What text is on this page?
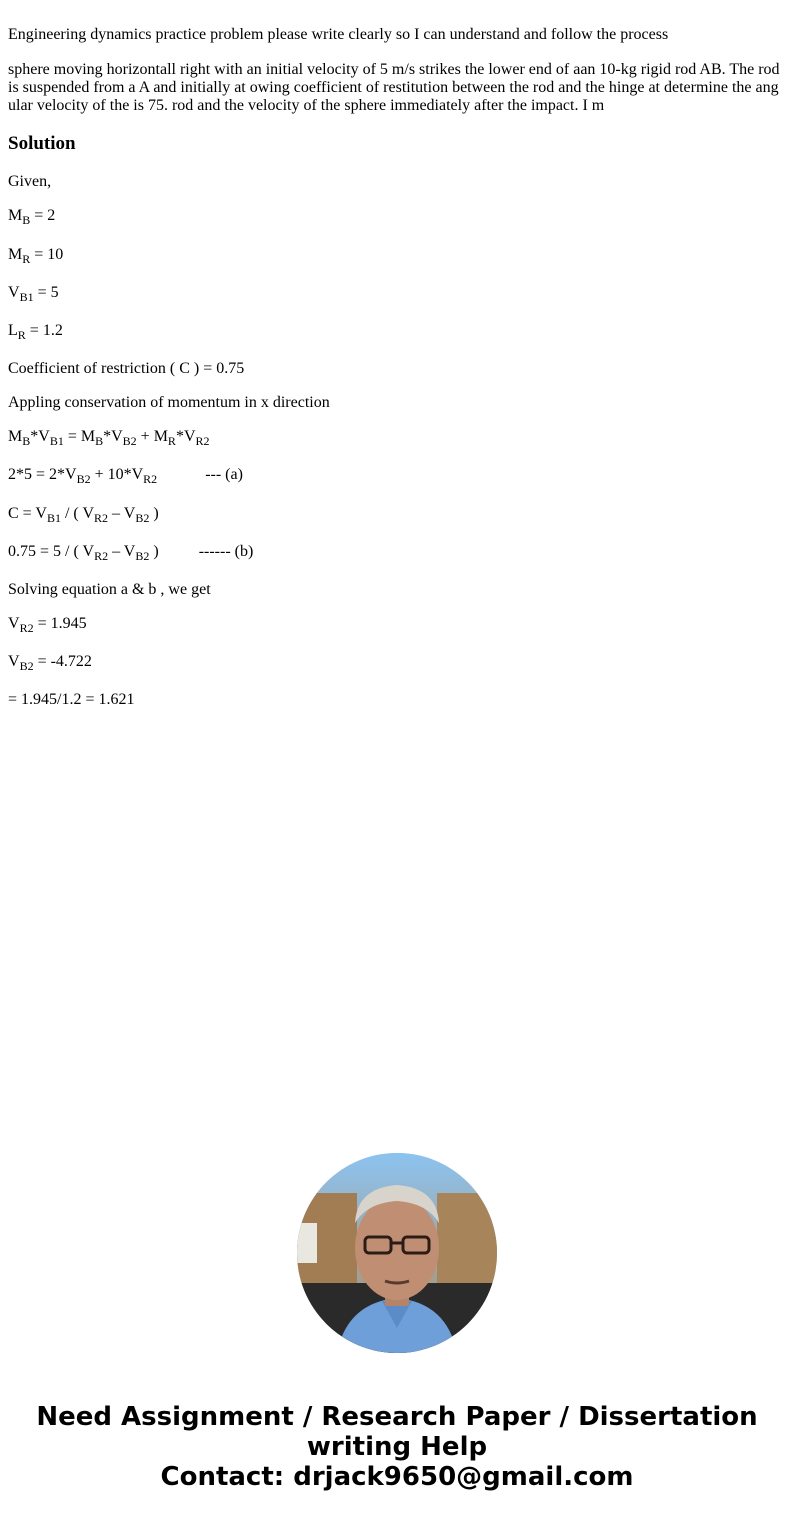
Engineering dynamics practice problem please write clearly so I can understand and follow the process

sphere moving horizontall right with an initial velocity of 5 m/s strikes the lower end of aan 10-kg rigid rod AB. The rod is suspended from a A and initially at owing coefficient of restitution between the rod and the hinge at determine the ang ular velocity of the is 75. rod and the velocity of the sphere immediately after the impact. I m

Solution

Given,

$M_B = 2$

$M_R = 10$

$V_{B1} = 5$

$L_R = 1.2$

Coefficient of restriction ( C ) = 0.75

Appling conservation of momentum in x direction

$M_B*V_{B1} = M_B*V_{B2} + M_R*V_{R2}$

$2*5 = 2*V_{B2} + 10*V_{R2}$	--- (a)

$C = V_{B1}$ / ( $V_{R2} - V_{B2}$ )

0.75 = 5 / ( $V_{R2} - V_{B2}$ )	------ (b)

Solving equation a & b , we get

$V_{R2} = 1.945$

$V_{B2} = -4.722$

= 1.945/1.2 = 1.621

Need Assignment / Research Paper / Dissertation
writing Help
Contact: drjack9650@gmail.com
